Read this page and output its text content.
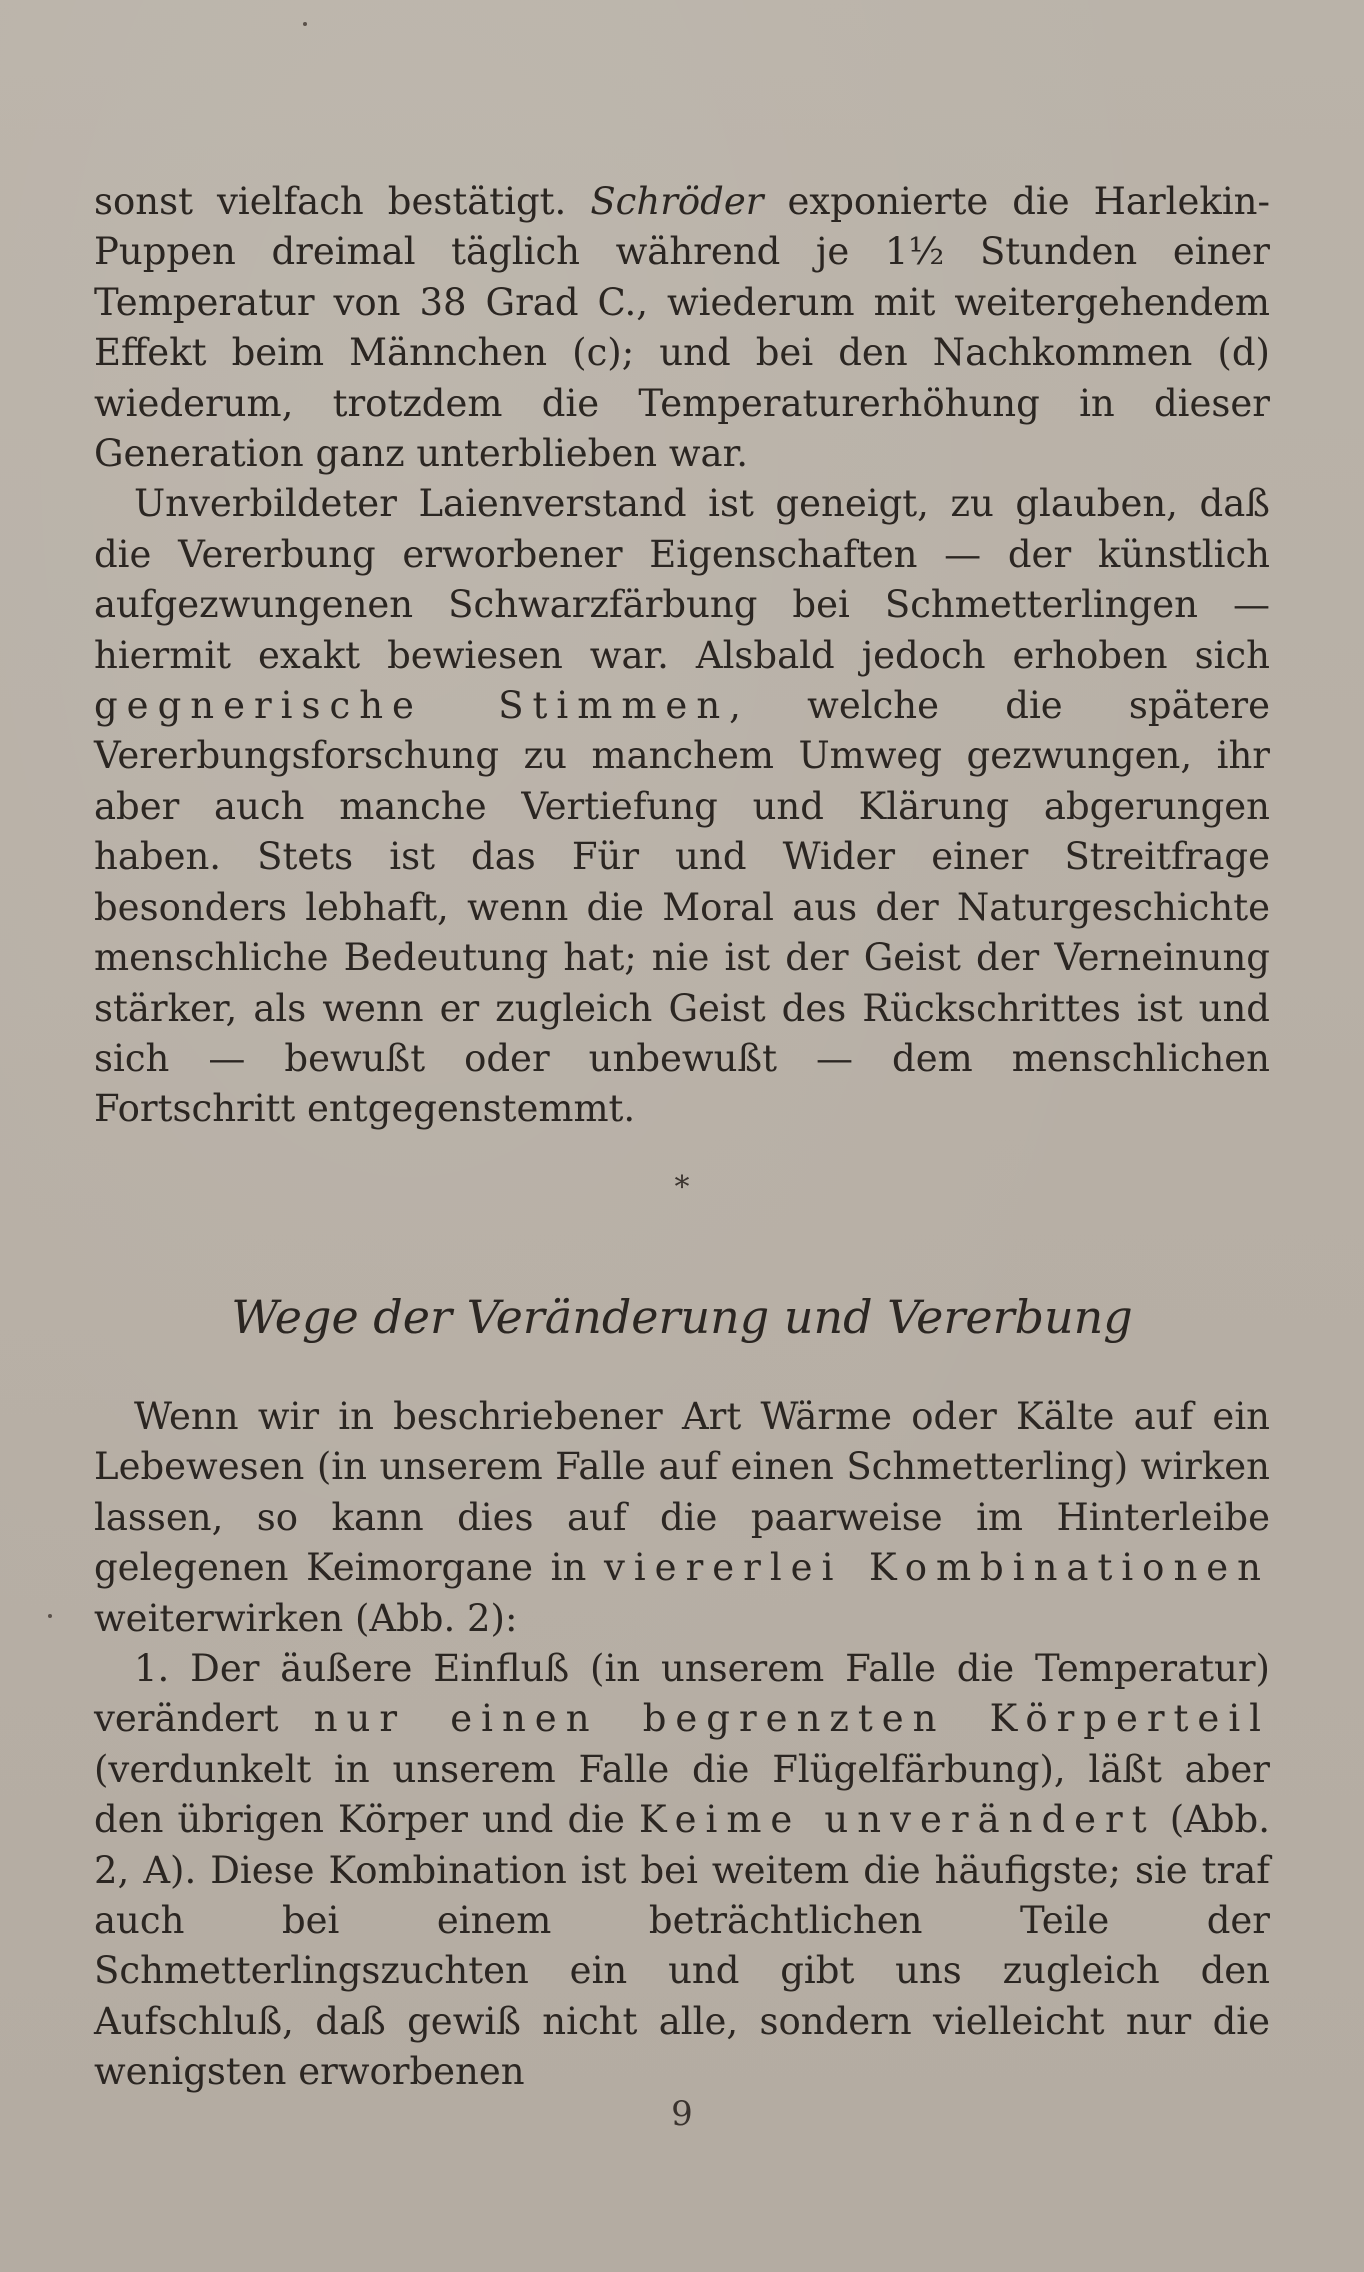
sonst vielfach bestätigt. Schröder exponierte die Harlekin-Puppen dreimal täglich während je 1½ Stunden einer Temperatur von 38 Grad C., wiederum mit weitergehendem Effekt beim Männchen (c); und bei den Nachkommen (d) wiederum, trotzdem die Temperaturerhöhung in dieser Generation ganz unterblieben war.

Unverbildeter Laienverstand ist geneigt, zu glauben, daß die Vererbung erworbener Eigenschaften — der künstlich aufgezwungenen Schwarzfärbung bei Schmetterlingen — hiermit exakt bewiesen war. Alsbald jedoch erhoben sich gegnerische Stimmen, welche die spätere Vererbungsforschung zu manchem Umweg gezwungen, ihr aber auch manche Vertiefung und Klärung abgerungen haben. Stets ist das Für und Wider einer Streitfrage besonders lebhaft, wenn die Moral aus der Naturgeschichte menschliche Bedeutung hat; nie ist der Geist der Verneinung stärker, als wenn er zugleich Geist des Rückschrittes ist und sich — bewußt oder unbewußt — dem menschlichen Fortschritt entgegenstemmt.

*
Wege der Veränderung und Vererbung

Wenn wir in beschriebener Art Wärme oder Kälte auf ein Lebewesen (in unserem Falle auf einen Schmetterling) wirken lassen, so kann dies auf die paarweise im Hinterleibe gelegenen Keimorgane in viererlei Kombinationen weiterwirken (Abb. 2):

1. Der äußere Einfluß (in unserem Falle die Temperatur) verändert nur einen begrenzten Körperteil (verdunkelt in unserem Falle die Flügelfärbung), läßt aber den übrigen Körper und die Keime unverändert (Abb. 2, A). Diese Kombination ist bei weitem die häufigste; sie traf auch bei einem beträchtlichen Teile der Schmetterlingszuchten ein und gibt uns zugleich den Aufschluß, daß gewiß nicht alle, sondern vielleicht nur die wenigsten erworbenen

9
